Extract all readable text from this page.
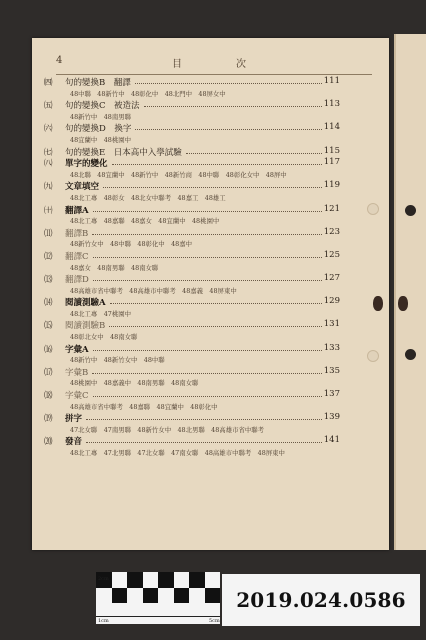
4	目	次
㈣ 句的變換B　翻譯	111
48中聯　48新竹中　48彰化中　48北門中　48屏女中
㈤ 句的變換C　被造法	113
48新竹中　48南男聯
㈥ 句的變換D　換字	114
48宜蘭中　48桃園中
㈦ 句的變換E　日本高中入學試驗	115
㈧ 單字的變化	117
48北聯　48宜蘭中　48新竹中　48新竹商　48中聯　48彰化女中　48屏中
㈨ 文章填空	119
48北工專　48彰女　48北女中聯考　48嘉工　48雄工
㈩ 翻譯A	121
48北工專　48嘉聯　48嘉女　48宜蘭中　48桃園中
⑾ 翻譯B	123
48新竹女中　48中聯　48彰化中　48嘉中
⑿ 翻譯C	125
48嘉女　48南男聯　48南女聯
⒀ 翻譯D	127
48高雄市省中聯考　48高雄市中聯考　48嘉義　48屏東中
⒁ 閱讀測驗A	129
48北工專　47桃園中
⒂ 閱讀測驗B	131
48彰北女中　48南女聯
⒃ 字彙A	133
48新竹中　48新竹女中　48中聯
⒄ 字彙B	135
48桃園中　48嘉義中　48南男聯　48南女聯
⒅ 字彙C	137
48高雄市省中聯考　48嘉聯　48宜蘭中　48彰化中
⒆ 拼字	139
47北女聯　47南男聯　48新竹女中　48北男聯　48高雄市省中聯考
⒇ 發音	141
48北工專　47北男聯　47北女聯　47南女聯　48高雄市中聯考　48屏東中
2cm
1cm	5cm
2019.024.0586
